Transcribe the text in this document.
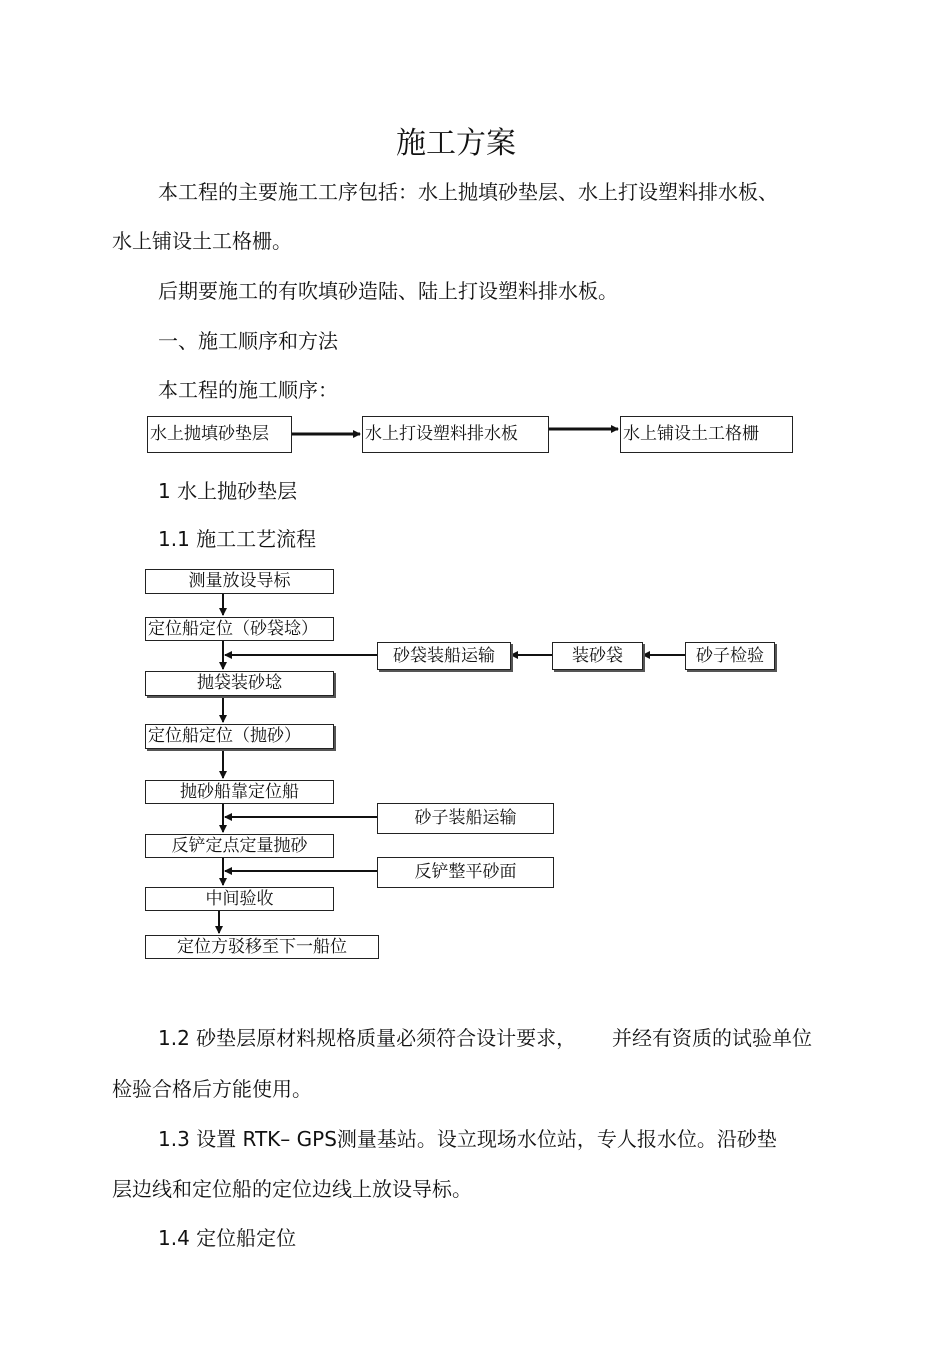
施工方案
本工程的主要施工工序包括：水上抛填砂垫层、水上打设塑料排水板、
水上铺设土工格栅。
后期要施工的有吹填砂造陆、陆上打设塑料排水板。
一、施工顺序和方法
本工程的施工顺序：
水上抛填砂垫层	水上打设塑料排水板	水上铺设土工格栅
1 水上抛砂垫层
1.1 施工工艺流程
测量放设导标
定位船定位（砂袋埝）
抛袋装砂埝
定位船定位（抛砂）
抛砂船靠定位船
反铲定点定量抛砂
中间验收
定位方驳移至下一船位
砂袋装船运输	装砂袋	砂子检验
砂子装船运输
反铲整平砂面
1.2 砂垫层原材料规格质量必须符合设计要求， 并经有资质的试验单位
检验合格后方能使用。
1.3 设置 RTK– GPS测量基站。设立现场水位站，专人报水位。沿砂垫
层边线和定位船的定位边线上放设导标。
1.4 定位船定位
